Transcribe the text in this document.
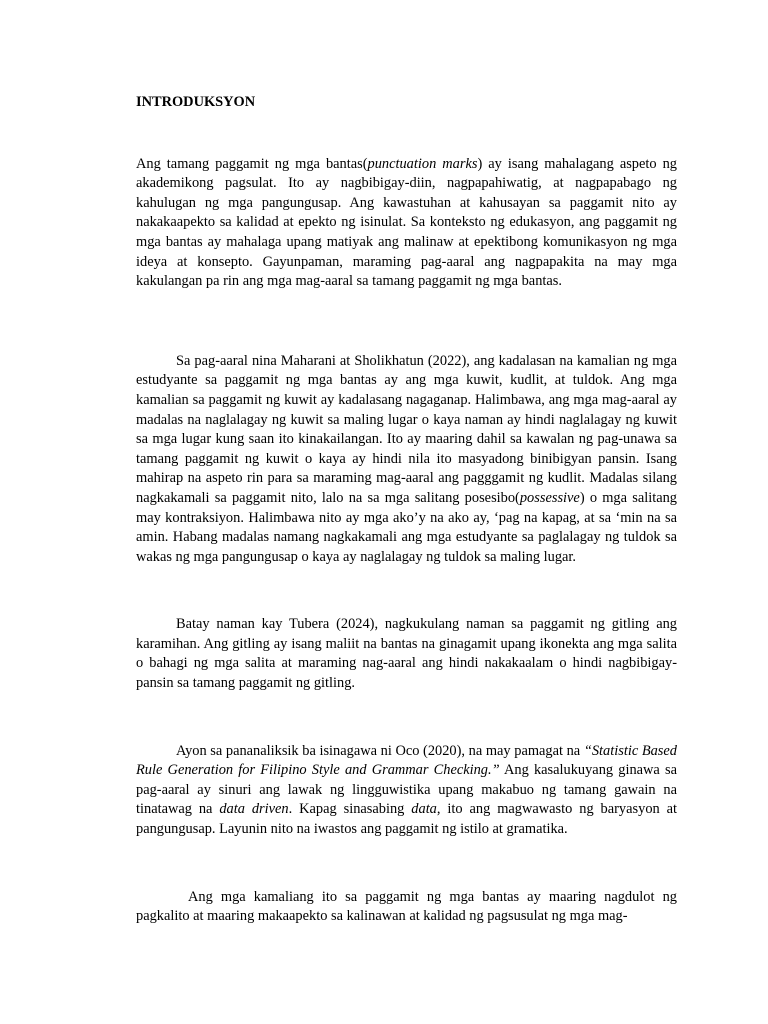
INTRODUKSYON

Ang tamang paggamit ng mga bantas(punctuation marks) ay isang mahalagang aspeto ng akademikong pagsulat. Ito ay nagbibigay-diin, nagpapahiwatig, at nagpapabago ng kahulugan ng mga pangungusap. Ang kawastuhan at kahusayan sa paggamit nito ay nakakaapekto sa kalidad at epekto ng isinulat. Sa konteksto ng edukasyon, ang paggamit ng mga bantas ay mahalaga upang matiyak ang malinaw at epektibong komunikasyon ng mga ideya at konsepto. Gayunpaman, maraming pag-aaral ang nagpapakita na may mga kakulangan pa rin ang mga mag-aaral sa tamang paggamit ng mga bantas.

Sa pag-aaral nina Maharani at Sholikhatun (2022), ang kadalasan na kamalian ng mga estudyante sa paggamit ng mga bantas ay ang mga kuwit, kudlit, at tuldok. Ang mga kamalian sa paggamit ng kuwit ay kadalasang nagaganap. Halimbawa, ang mga mag-aaral ay madalas na naglalagay ng kuwit sa maling lugar o kaya naman ay hindi naglalagay ng kuwit sa mga lugar kung saan ito kinakailangan. Ito ay maaring dahil sa kawalan ng pag-unawa sa tamang paggamit ng kuwit o kaya ay hindi nila ito masyadong binibigyan pansin. Isang mahirap na aspeto rin para sa maraming mag-aaral ang pagggamit ng kudlit. Madalas silang nagkakamali sa paggamit nito, lalo na sa mga salitang posesibo(possessive) o mga salitang may kontraksiyon. Halimbawa nito ay mga ako’y na ako ay, ‘pag na kapag, at sa ‘min na sa amin. Habang madalas namang nagkakamali ang mga estudyante sa paglalagay ng tuldok sa wakas ng mga pangungusap o kaya ay naglalagay ng tuldok sa maling lugar.

Batay naman kay Tubera (2024), nagkukulang naman sa paggamit ng gitling ang karamihan. Ang gitling ay isang maliit na bantas na ginagamit upang ikonekta ang mga salita o bahagi ng mga salita at maraming nag-aaral ang hindi nakakaalam o hindi nagbibigay-pansin sa tamang paggamit ng gitling.

Ayon sa pananaliksik ba isinagawa ni Oco (2020), na may pamagat na “Statistic Based Rule Generation for Filipino Style and Grammar Checking.” Ang kasalukuyang ginawa sa pag-aaral ay sinuri ang lawak ng lingguwistika upang makabuo ng tamang gawain na tinatawag na data driven. Kapag sinasabing data, ito ang magwawasto ng baryasyon at pangungusap. Layunin nito na iwastos ang paggamit ng istilo at gramatika.

Ang mga kamaliang ito sa paggamit ng mga bantas ay maaring nagdulot ng pagkalito at maaring makaapekto sa kalinawan at kalidad ng pagsusulat ng mga mag-
